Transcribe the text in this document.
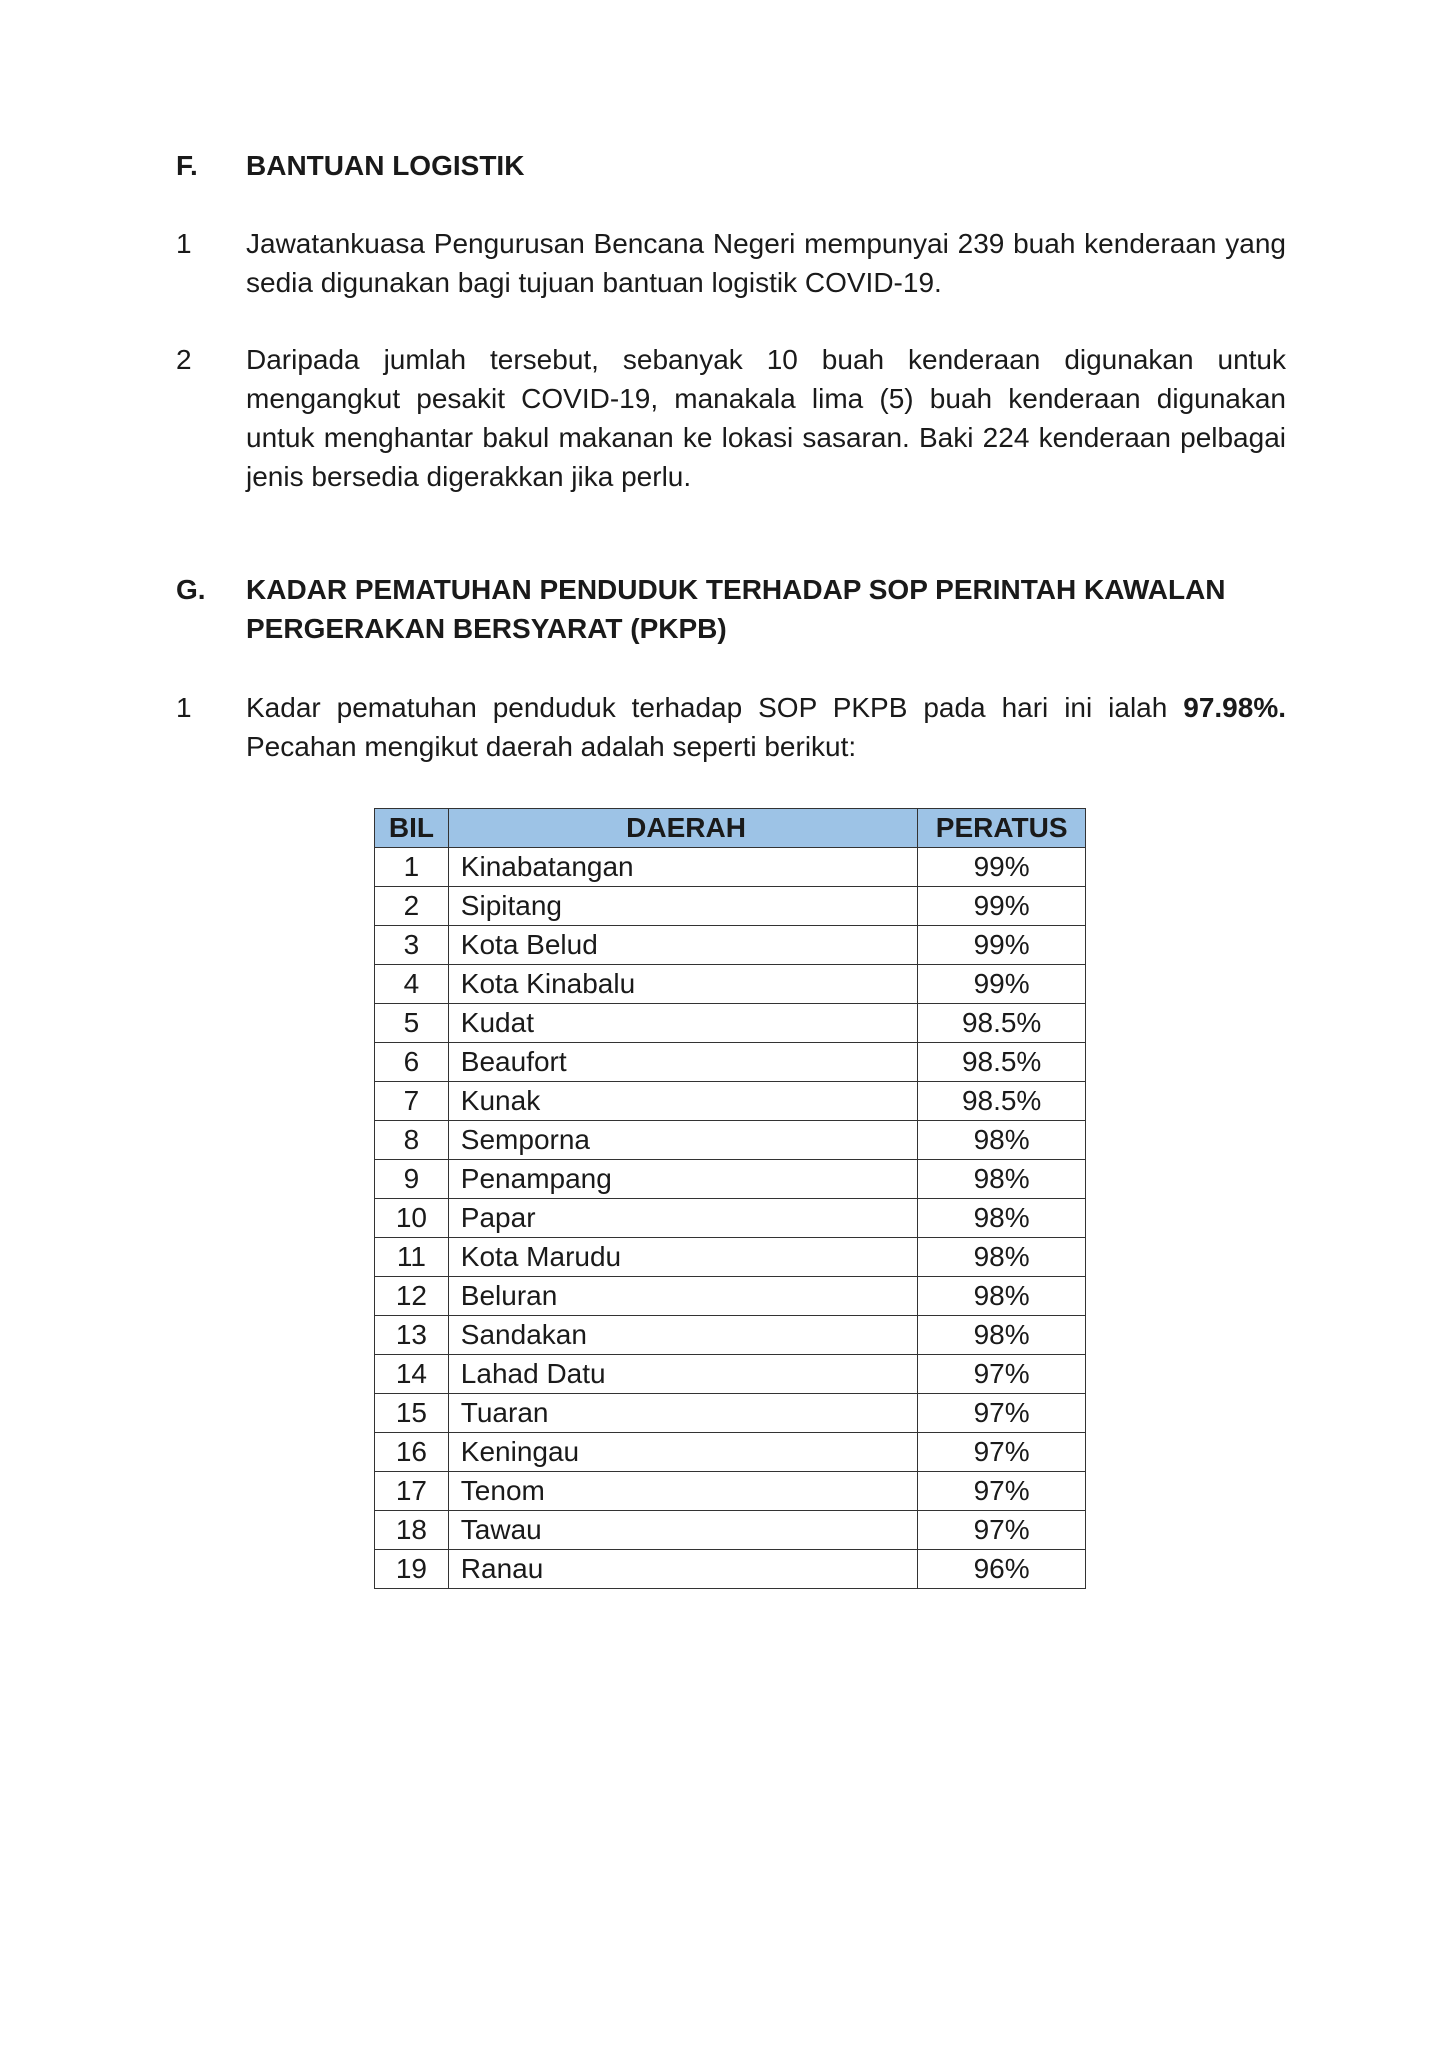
F. BANTUAN LOGISTIK
1 Jawatankuasa Pengurusan Bencana Negeri mempunyai 239 buah kenderaan yang sedia digunakan bagi tujuan bantuan logistik COVID-19.
2 Daripada jumlah tersebut, sebanyak 10 buah kenderaan digunakan untuk mengangkut pesakit COVID-19, manakala lima (5) buah kenderaan digunakan untuk menghantar bakul makanan ke lokasi sasaran. Baki 224 kenderaan pelbagai jenis bersedia digerakkan jika perlu.
G. KADAR PEMATUHAN PENDUDUK TERHADAP SOP PERINTAH KAWALAN PERGERAKAN BERSYARAT (PKPB)
1 Kadar pematuhan penduduk terhadap SOP PKPB pada hari ini ialah 97.98%. Pecahan mengikut daerah adalah seperti berikut:
BIL	DAERAH	PERATUS
1	Kinabatangan	99%
2	Sipitang	99%
3	Kota Belud	99%
4	Kota Kinabalu	99%
5	Kudat	98.5%
6	Beaufort	98.5%
7	Kunak	98.5%
8	Semporna	98%
9	Penampang	98%
10	Papar	98%
11	Kota Marudu	98%
12	Beluran	98%
13	Sandakan	98%
14	Lahad Datu	97%
15	Tuaran	97%
16	Keningau	97%
17	Tenom	97%
18	Tawau	97%
19	Ranau	96%
